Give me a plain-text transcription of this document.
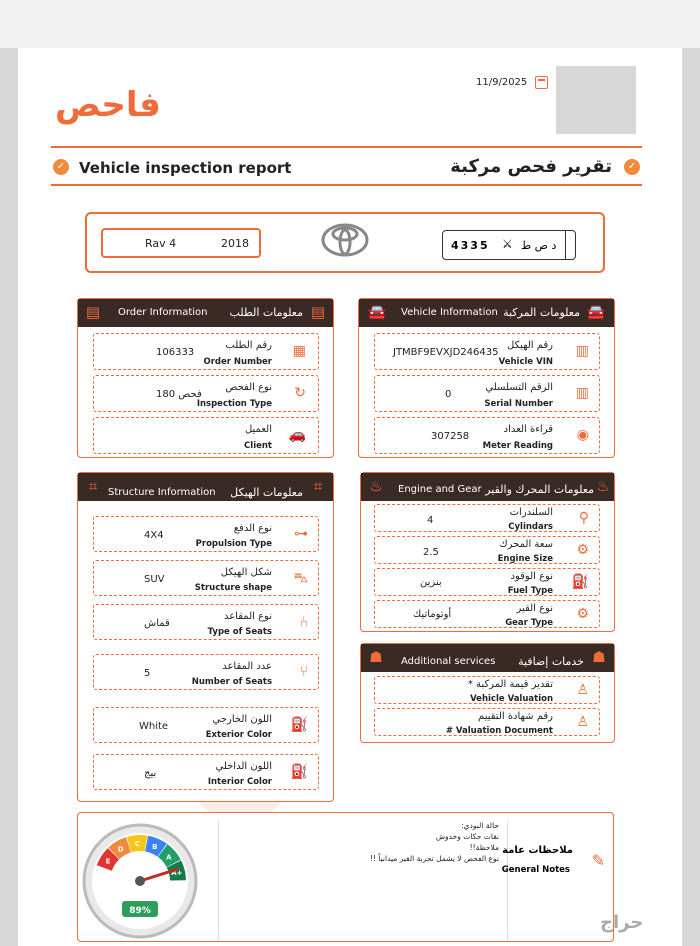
فاحص
11/9/2025
✓ Vehicle inspection report	تقرير فحص مركبة	✓
Rav 4	2018	4335 ⚔ د ص ط
▤ Order Information معلومات الطلب ▤
106333
رقم الطلب
Order Number
▦
فحص 180
نوع الفحص
Inspection Type
↻
العميل
Client
🚗
🚘 Vehicle Information معلومات المركبة 🚘
JTMBF9EVXJD246435
رقم الهيكل
Vehicle VIN
▥
0
الرقم التسلسلي
Serial Number
▥
307258
قراءة العداد
Meter Reading
◉
⌗	Structure Information معلومات الهيكل ⌗
4X4
نوع الدفع
Propulsion Type
⊶
SUV
شكل الهيكل
Structure shape
⛍
قماش
نوع المقاعد
Type of Seats
⑃
5
عدد المقاعد
Number of Seats
⑂
White
اللون الخارجي
Exterior Color
⛽
بيج
اللون الداخلي
Interior Color
⛽
♨ Engine and Gear معلومات المحرك والقير ♨
4
السلندرات
Cylindars
⚲
2.5
سعة المحرك
Engine Size
⚙
بنزين
نوع الوقود
Fuel Type
⛽
أوتوماتيك
نوع القير
Gear Type
⚙
☗ Additional services خدمات إضافية ☗
تقدير قيمة المركبة *
Vehicle Valuation
♙
رقم شهادة التقييم
# Valuation Document
♙
E
D
C B
A
A+
89%

حالة البودي:

نقات حكات وخدوش

ملاحظة!!

نوع الفحص لا يشمل تجربة القير ميدانياً !!

ملاحظات عامة
General Notes ✎
حراج
